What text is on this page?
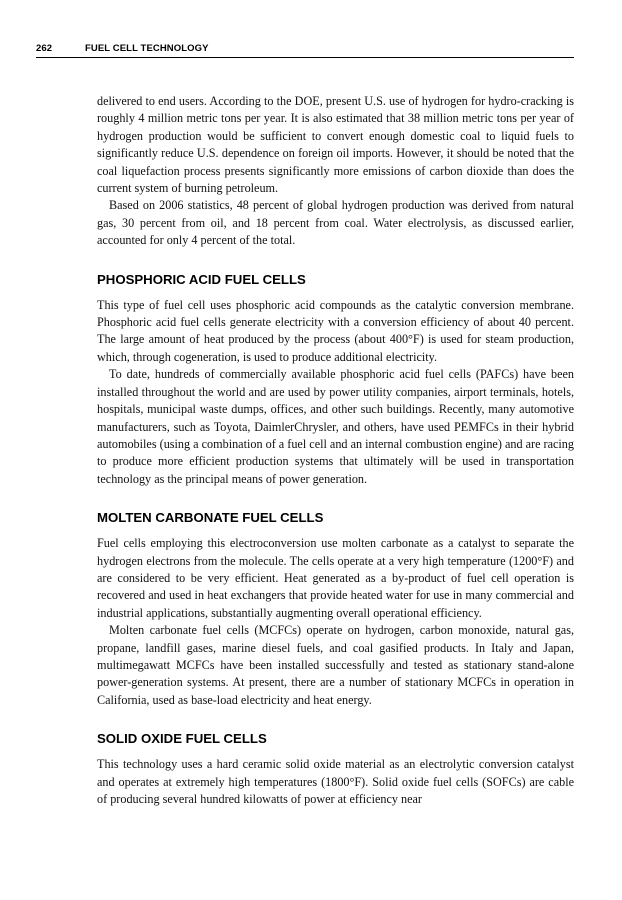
262	FUEL CELL TECHNOLOGY

delivered to end users. According to the DOE, present U.S. use of hydrogen for hydro-cracking is roughly 4 million metric tons per year. It is also estimated that 38 million metric tons per year of hydrogen production would be sufficient to convert enough domestic coal to liquid fuels to significantly reduce U.S. dependence on foreign oil imports. However, it should be noted that the coal liquefaction process presents significantly more emissions of carbon dioxide than does the current system of burning petroleum.

Based on 2006 statistics, 48 percent of global hydrogen production was derived from natural gas, 30 percent from oil, and 18 percent from coal. Water electrolysis, as discussed earlier, accounted for only 4 percent of the total.

PHOSPHORIC ACID FUEL CELLS

This type of fuel cell uses phosphoric acid compounds as the catalytic conversion membrane. Phosphoric acid fuel cells generate electricity with a conversion efficiency of about 40 percent. The large amount of heat produced by the process (about 400°F) is used for steam production, which, through cogeneration, is used to produce additional electricity.

To date, hundreds of commercially available phosphoric acid fuel cells (PAFCs) have been installed throughout the world and are used by power utility companies, airport terminals, hotels, hospitals, municipal waste dumps, offices, and other such buildings. Recently, many automotive manufacturers, such as Toyota, DaimlerChrysler, and others, have used PEMFCs in their hybrid automobiles (using a combination of a fuel cell and an internal combustion engine) and are racing to produce more efficient production systems that ultimately will be used in transportation technology as the principal means of power generation.

MOLTEN CARBONATE FUEL CELLS

Fuel cells employing this electroconversion use molten carbonate as a catalyst to separate the hydrogen electrons from the molecule. The cells operate at a very high temperature (1200°F) and are considered to be very efficient. Heat generated as a by-product of fuel cell operation is recovered and used in heat exchangers that provide heated water for use in many commercial and industrial applications, substantially augmenting overall operational efficiency.

Molten carbonate fuel cells (MCFCs) operate on hydrogen, carbon monoxide, natural gas, propane, landfill gases, marine diesel fuels, and coal gasified products. In Italy and Japan, multimegawatt MCFCs have been installed successfully and tested as stationary stand-alone power-generation systems. At present, there are a number of stationary MCFCs in operation in California, used as base-load electricity and heat energy.

SOLID OXIDE FUEL CELLS

This technology uses a hard ceramic solid oxide material as an electrolytic conversion catalyst and operates at extremely high temperatures (1800°F). Solid oxide fuel cells (SOFCs) are cable of producing several hundred kilowatts of power at efficiency near
